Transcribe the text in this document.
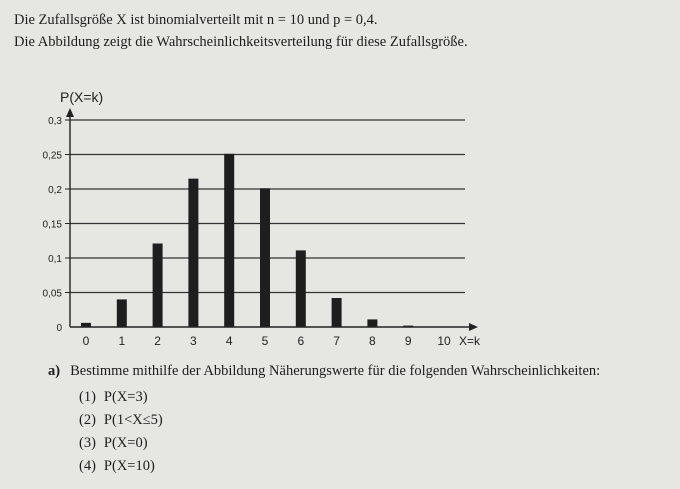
Die Zufallsgröße X ist binomialverteilt mit n = 10 und p = 0,4.
Die Abbildung zeigt die Wahrscheinlichkeitsverteilung für diese Zufallsgröße.
0
0,05
0,1
0,15
0,2
0,25
0,3
0 1 2 3 4 5 6 7 8 9 10
P(X=k)
X=k
a) Bestimme mithilfe der Abbildung Näherungswerte für die folgenden Wahrscheinlichkeiten:
(1) P(X=3)
(2) P(1<X≤5)
(3) P(X=0)
(4) P(X=10)
